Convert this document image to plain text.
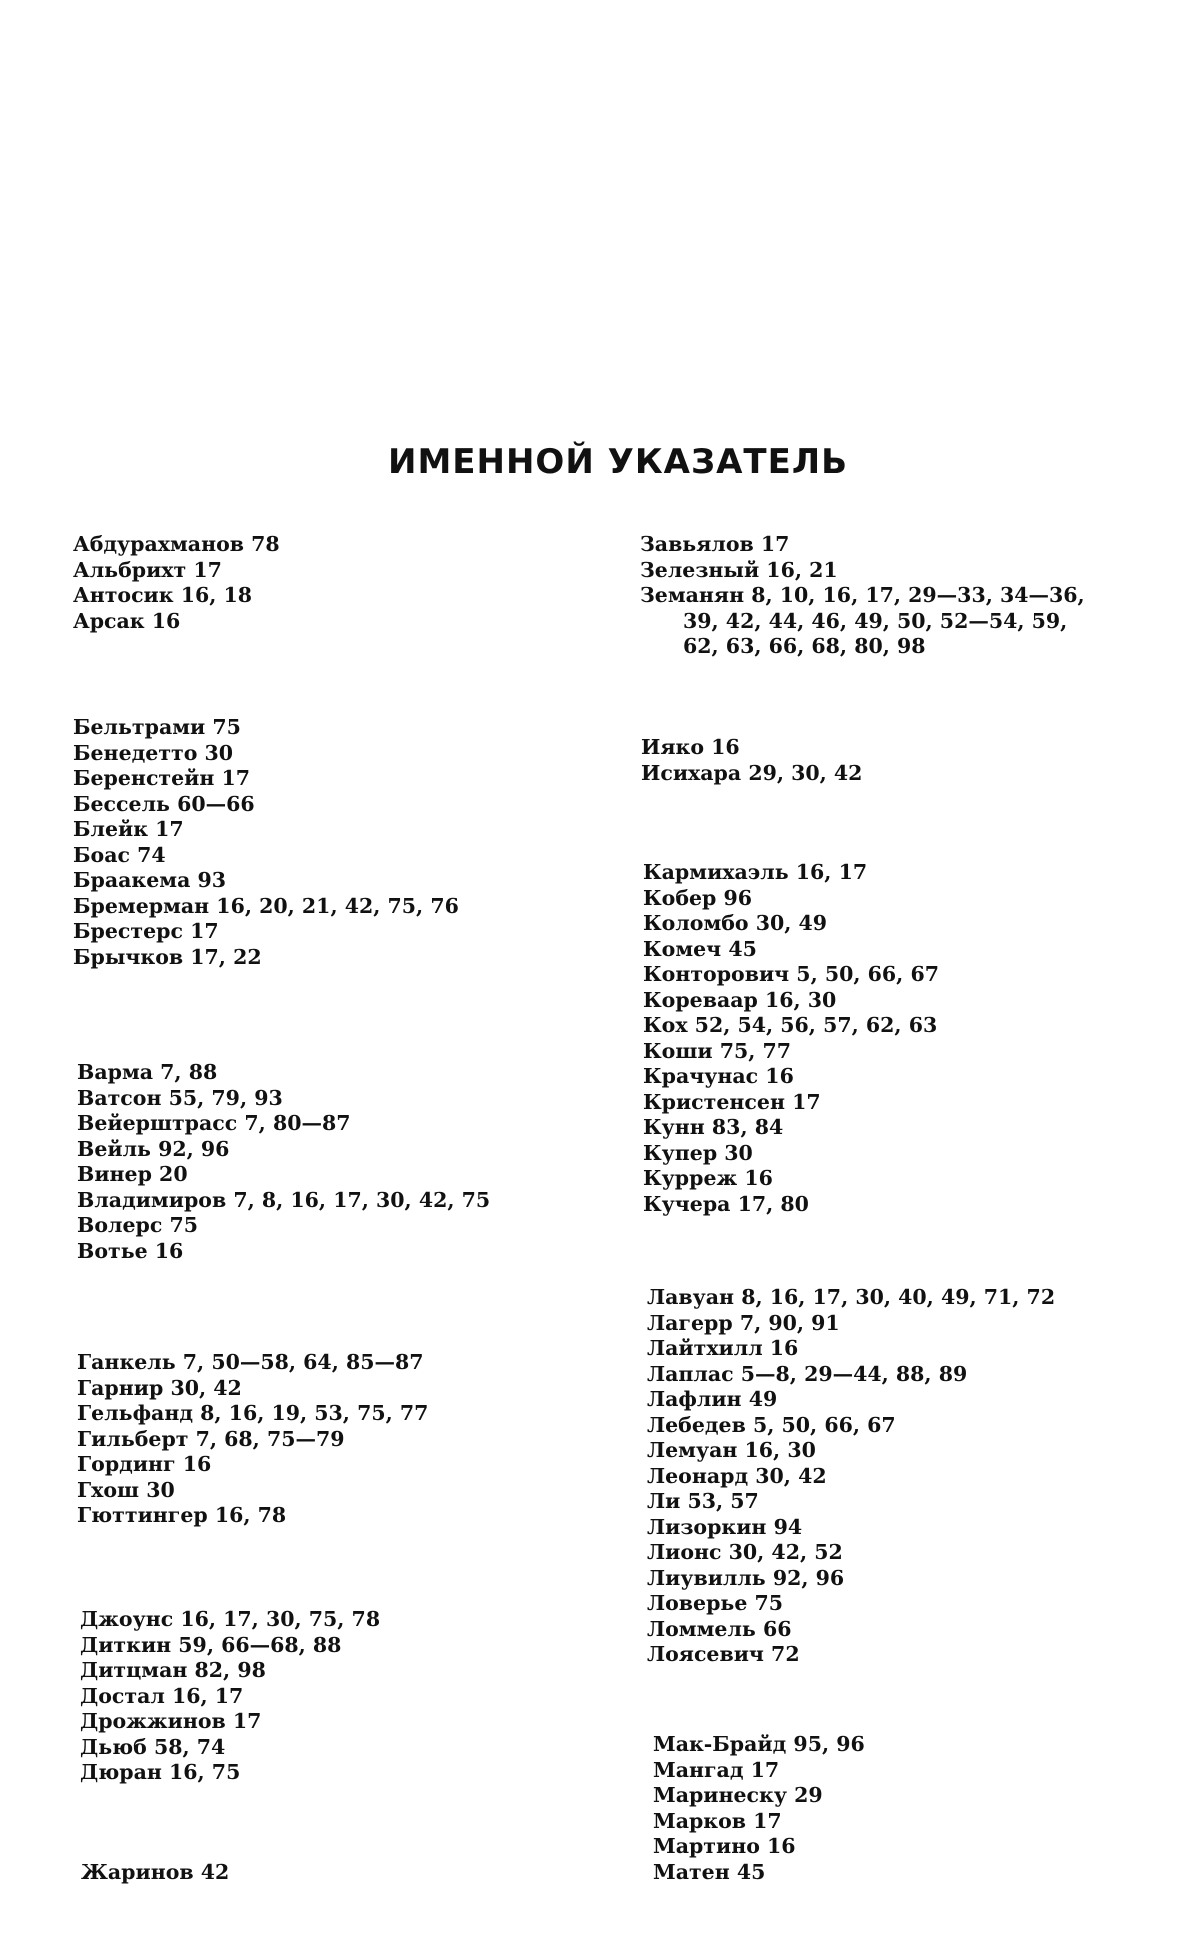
ИМЕННОЙ УКАЗАТЕЛЬ
Абдурахманов 78
Альбрихт 17
Антосик 16, 18
Арсак 16
Бельтрами 75
Бенедетто 30
Беренстейн 17
Бессель 60—66
Блейк 17
Боас 74
Браакема 93
Бремерман 16, 20, 21, 42, 75, 76
Брестерс 17
Брычков 17, 22
Варма 7, 88
Ватсон 55, 79, 93
Вейерштрасс 7, 80—87
Вейль 92, 96
Винер 20
Владимиров 7, 8, 16, 17, 30, 42, 75
Волерс 75
Вотье 16
Ганкель 7, 50—58, 64, 85—87
Гарнир 30, 42
Гельфанд 8, 16, 19, 53, 75, 77
Гильберт 7, 68, 75—79
Гординг 16
Гхош 30
Гюттингер 16, 78
Джоунс 16, 17, 30, 75, 78
Диткин 59, 66—68, 88
Дитцман 82, 98
Достал 16, 17
Дрожжинов 17
Дьюб 58, 74
Дюран 16, 75
Жаринов 42
Завьялов 17
Зелезный 16, 21
Земанян 8, 10, 16, 17, 29—33, 34—36,
39, 42, 44, 46, 49, 50, 52—54, 59,
62, 63, 66, 68, 80, 98
Ияко 16
Исихара 29, 30, 42
Кармихаэль 16, 17
Кобер 96
Коломбо 30, 49
Комеч 45
Конторович 5, 50, 66, 67
Кореваар 16, 30
Кох 52, 54, 56, 57, 62, 63
Коши 75, 77
Крачунас 16
Кристенсен 17
Кунн 83, 84
Купер 30
Курреж 16
Кучера 17, 80
Лавуан 8, 16, 17, 30, 40, 49, 71, 72
Лагерр 7, 90, 91
Лайтхилл 16
Лаплас 5—8, 29—44, 88, 89
Лафлин 49
Лебедев 5, 50, 66, 67
Лемуан 16, 30
Леонард 30, 42
Ли 53, 57
Лизоркин 94
Лионс 30, 42, 52
Лиувилль 92, 96
Ловерье 75
Ломмель 66
Лоясевич 72
Мак-Брайд 95, 96
Мангад 17
Маринеску 29
Марков 17
Мартино 16
Матен 45
